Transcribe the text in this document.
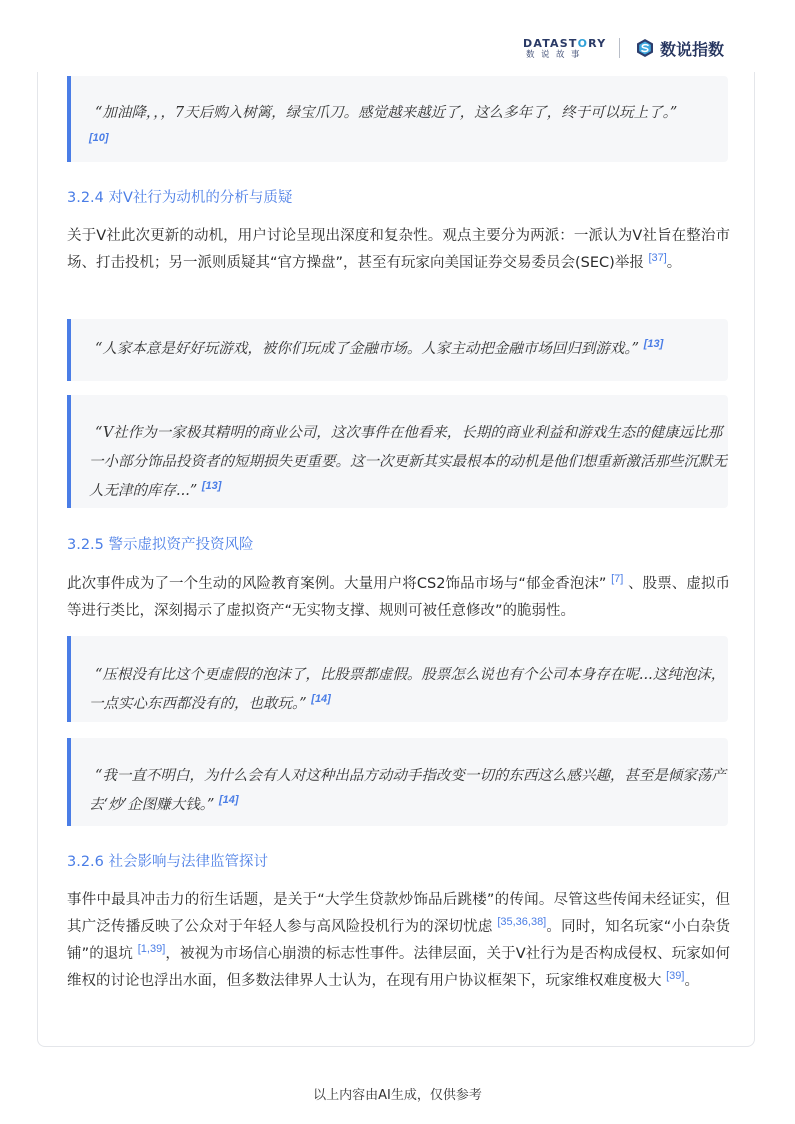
DATASTORY
数说故事	数说指数

“加油降，，，7天后购入树篱，绿宝爪刀。感觉越来越近了，这么多年了，终于可以玩上了。”
[10]

3.2.4 对V社行为动机的分析与质疑

关于V社此次更新的动机，用户讨论呈现出深度和复杂性。观点主要分为两派：一派认为V社旨在整治市场、打击投机；另一派则质疑其“官方操盘”，甚至有玩家向美国证券交易委员会(SEC)举报 [37]。

“人家本意是好好玩游戏，被你们玩成了金融市场。人家主动把金融市场回归到游戏。” [13]

“V社作为一家极其精明的商业公司，这次事件在他看来，长期的商业利益和游戏生态的健康远比那一小部分饰品投资者的短期损失更重要。这一次更新其实最根本的动机是他们想重新激活那些沉默无人无津的库存...” [13]

3.2.5 警示虚拟资产投资风险

此次事件成为了一个生动的风险教育案例。大量用户将CS2饰品市场与“郁金香泡沫” [7] 、股票、虚拟币等进行类比，深刻揭示了虚拟资产“无实物支撑、规则可被任意修改”的脆弱性。

“压根没有比这个更虚假的泡沫了，比股票都虚假。股票怎么说也有个公司本身存在呢...这纯泡沫，一点实心东西都没有的，也敢玩。” [14]

“我一直不明白，为什么会有人对这种出品方动动手指改变一切的东西这么感兴趣，甚至是倾家荡产去‘炒’企图赚大钱。” [14]

3.2.6 社会影响与法律监管探讨

事件中最具冲击力的衍生话题，是关于“大学生贷款炒饰品后跳楼”的传闻。尽管这些传闻未经证实，但其广泛传播反映了公众对于年轻人参与高风险投机行为的深切忧虑 [35,36,38]。同时，知名玩家“小白杂货铺”的退坑 [1,39]，被视为市场信心崩溃的标志性事件。法律层面，关于V社行为是否构成侵权、玩家如何维权的讨论也浮出水面，但多数法律界人士认为，在现有用户协议框架下，玩家维权难度极大 [39]。

以上内容由AI生成，仅供参考
